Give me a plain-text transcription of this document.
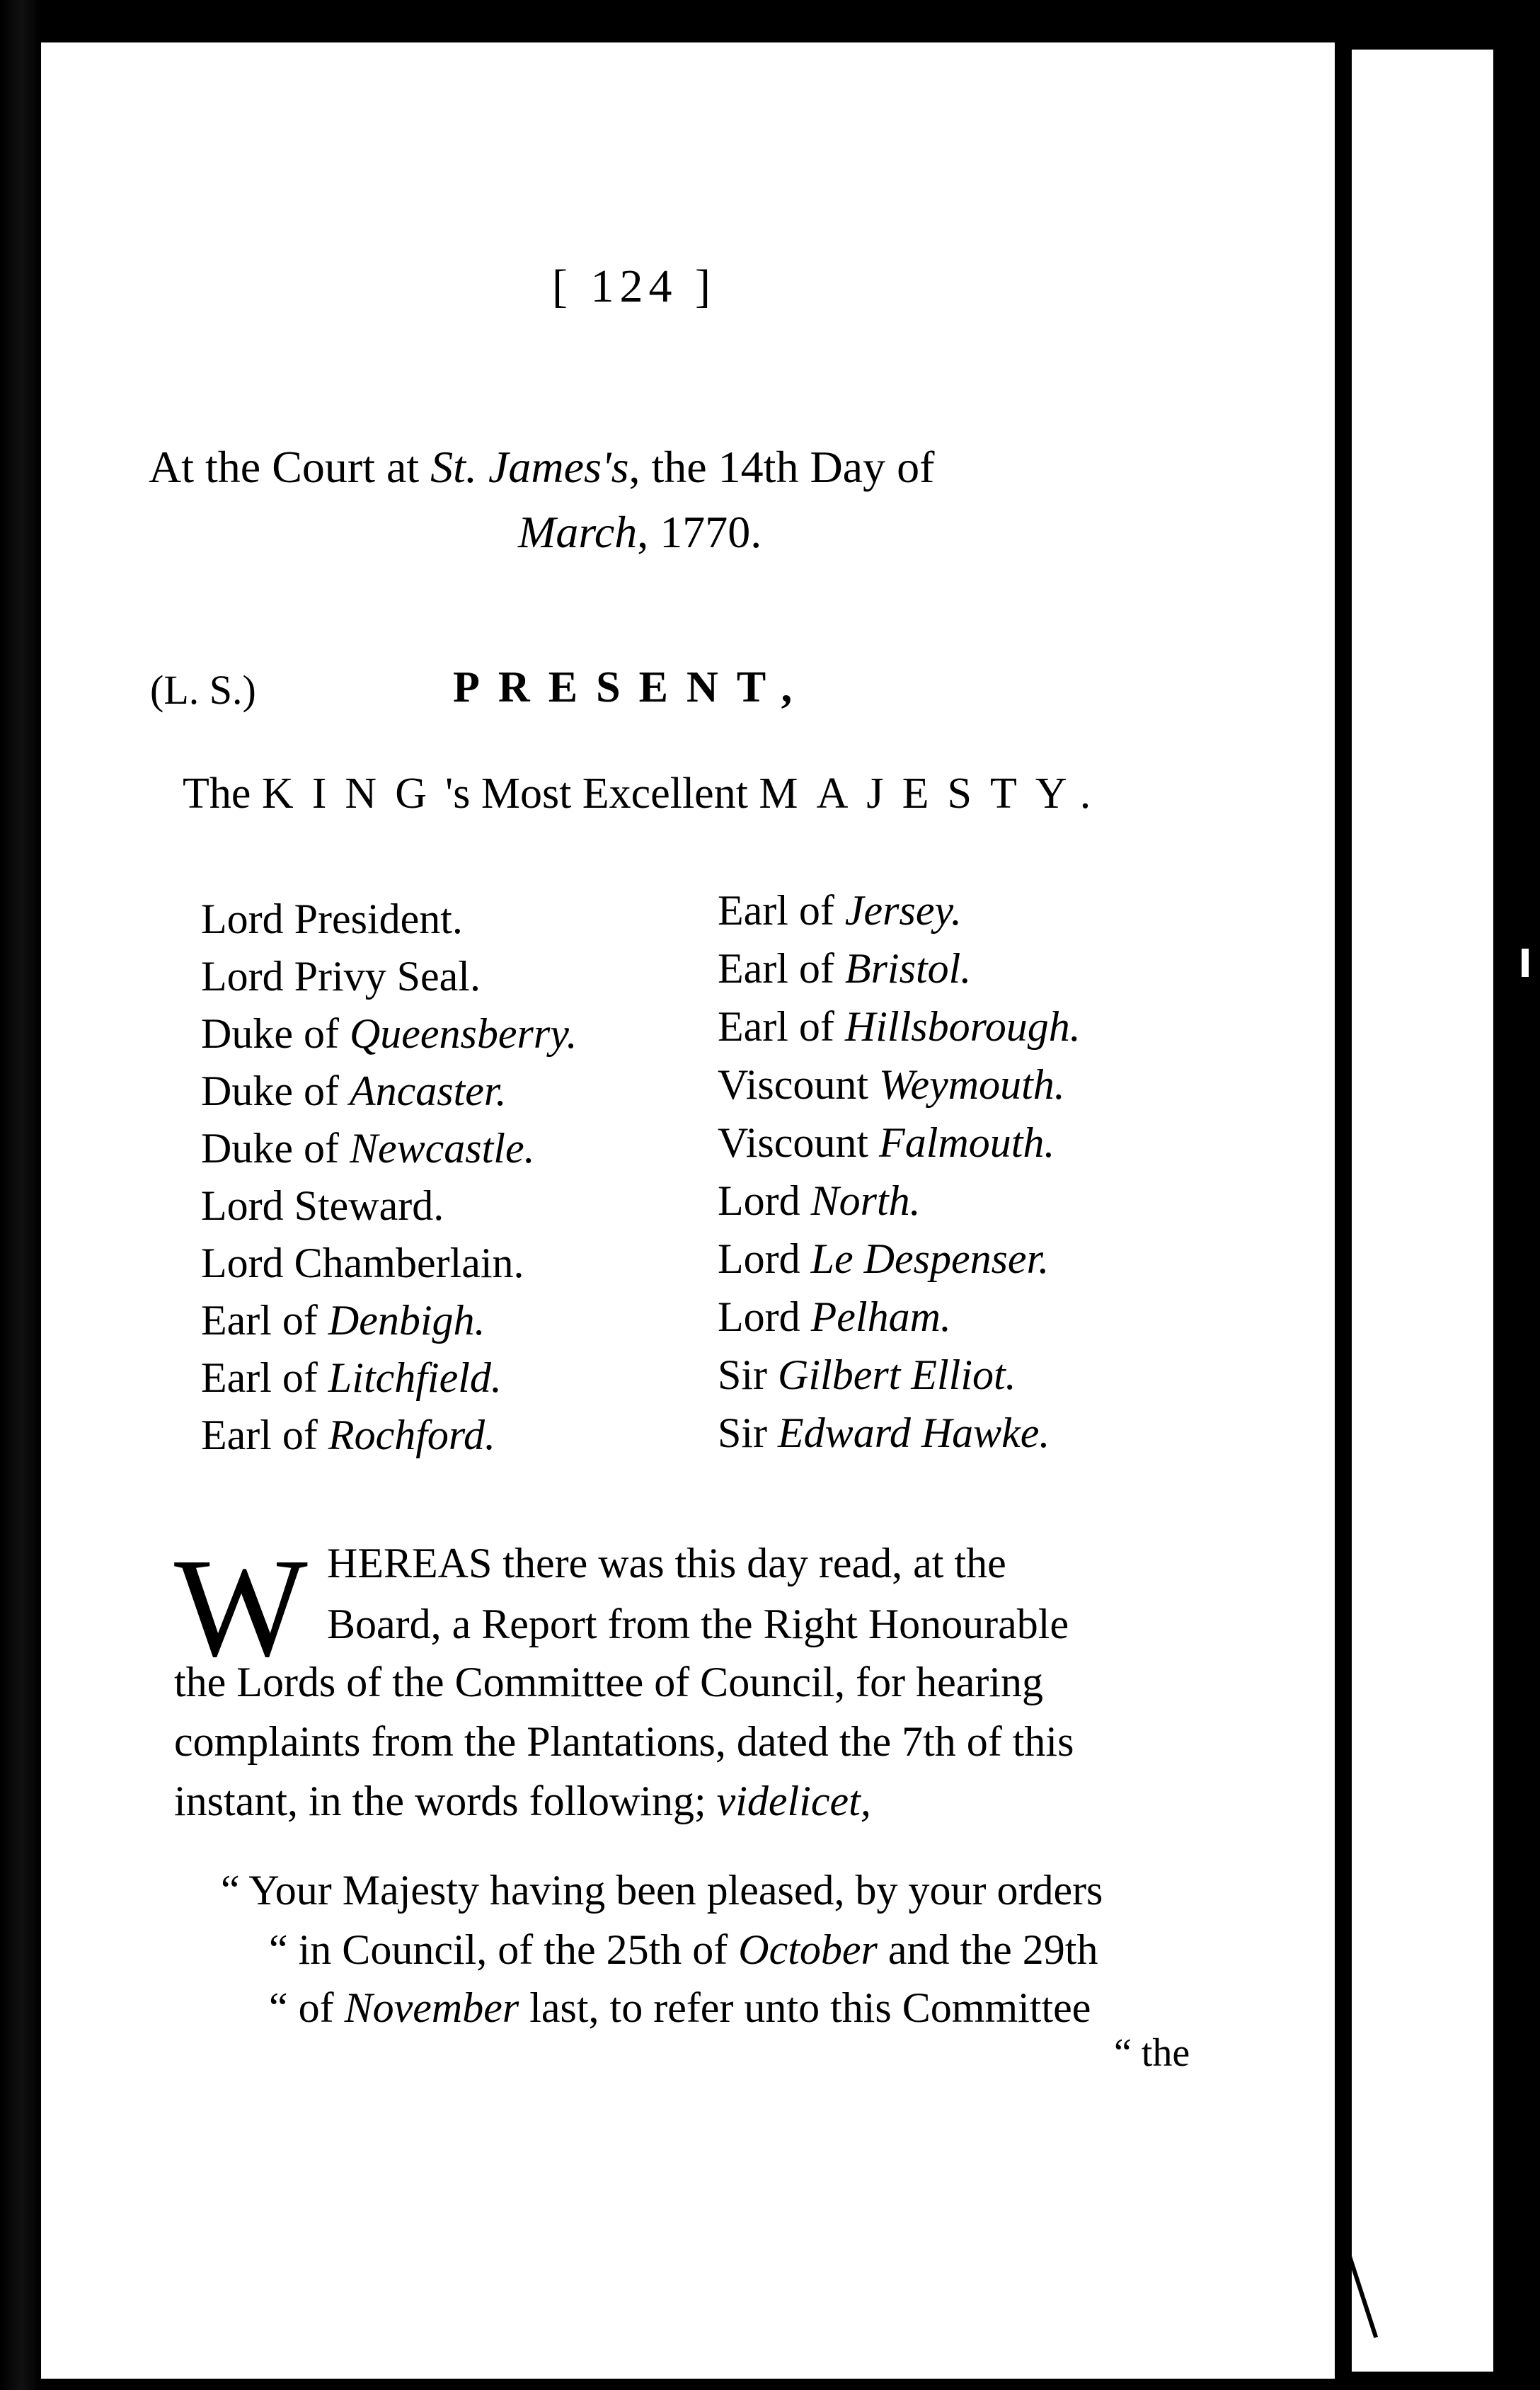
[ 124 ]
At the Court at St. James's, the 14th Day of
March, 1770.
(L. S.)	PRESENT,
The KING's Most Excellent MAJESTY.
Lord President.
Lord Privy Seal.
Duke of Queensberry.
Duke of Ancaster.
Duke of Newcastle.
Lord Steward.
Lord Chamberlain.
Earl of Denbigh.
Earl of Litchfield.
Earl of Rochford.
Earl of Jersey.
Earl of Bristol.
Earl of Hillsborough.
Viscount Weymouth.
Viscount Falmouth.
Lord North.
Lord Le Despenser.
Lord Pelham.
Sir Gilbert Elliot.
Sir Edward Hawke.
W HEREAS there was this day read, at the
Board, a Report from the Right Honourable
the Lords of the Committee of Council, for hearing
complaints from the Plantations, dated the 7th of this
instant, in the words following; videlicet,
“ Your Majesty having been pleased, by your orders
“ in Council, of the 25th of October and the 29th
“ of November last, to refer unto this Committee
“ the
